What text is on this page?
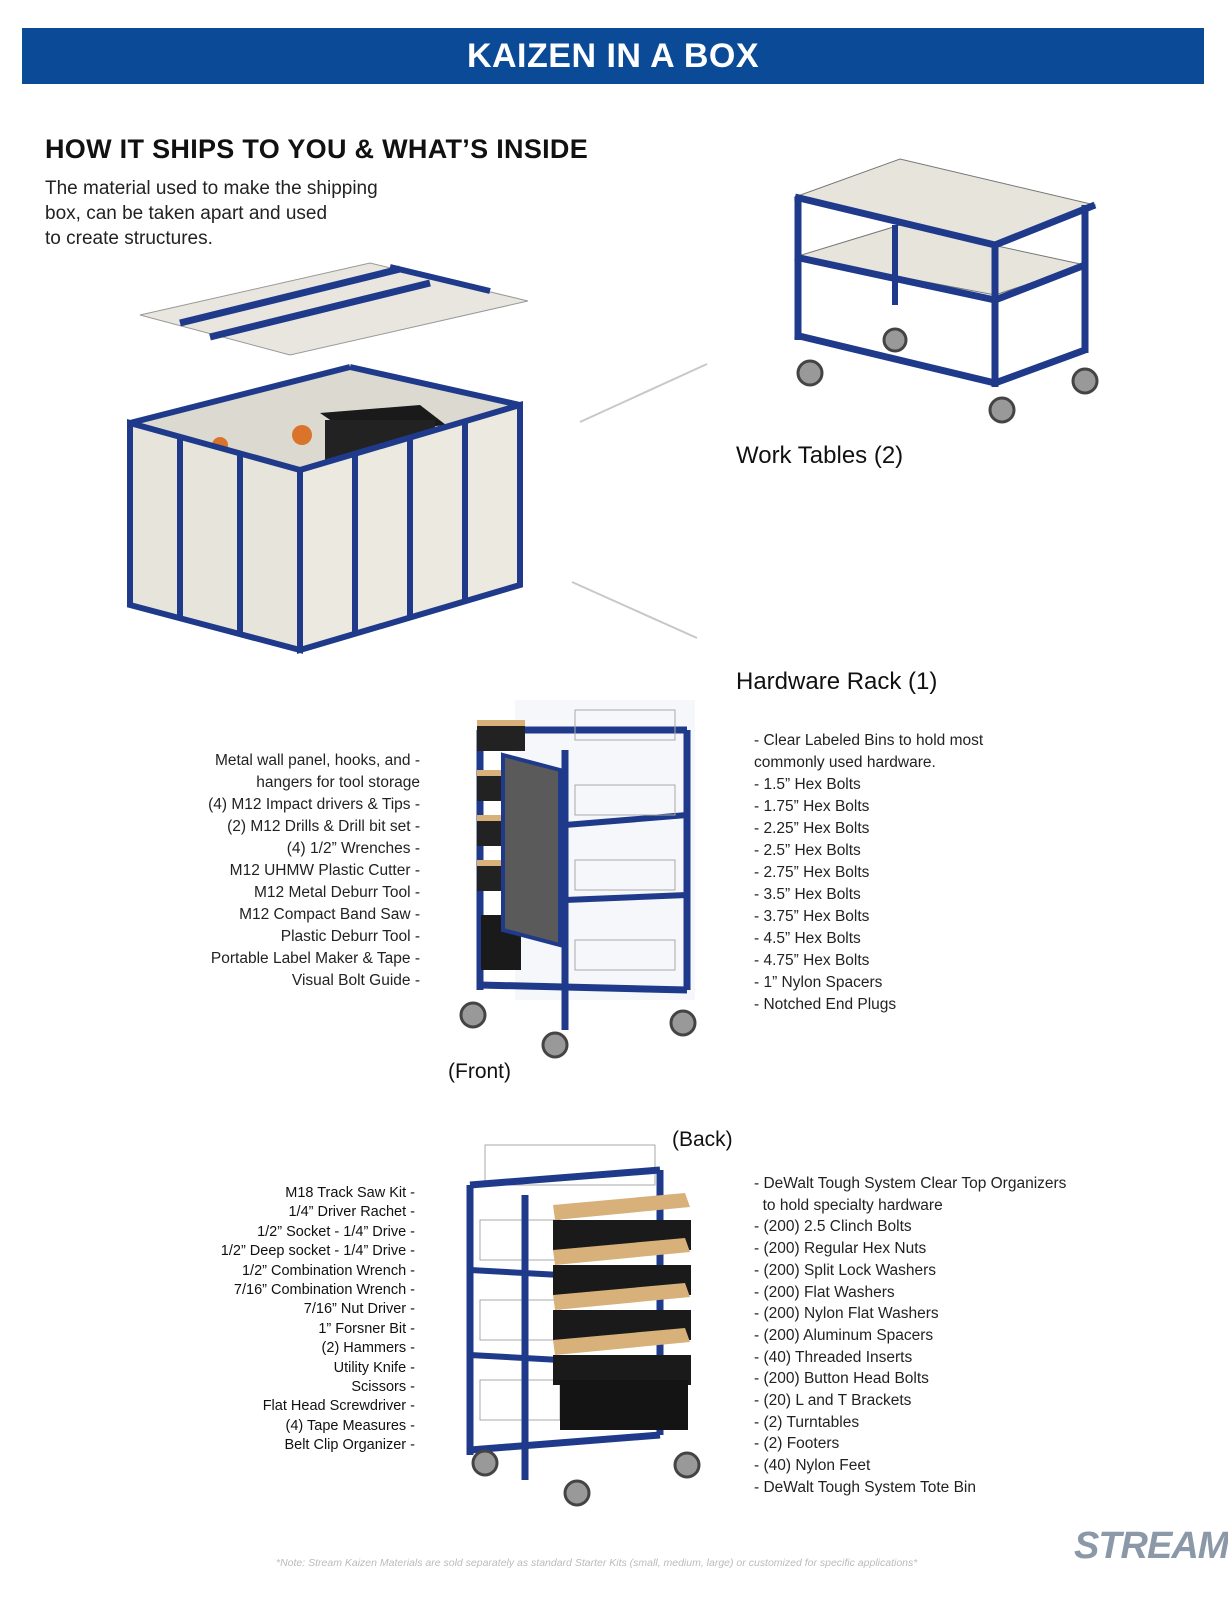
KAIZEN IN A BOX
HOW IT SHIPS TO YOU & WHAT’S INSIDE
The material used to make the shipping
box, can be taken apart and used
to create structures.
Work Tables (2)
Hardware Rack (1)
Metal wall panel, hooks, and -
hangers for tool storage
(4) M12 Impact drivers & Tips -
(2) M12 Drills & Drill bit set -
(4) 1/2” Wrenches -
M12 UHMW Plastic Cutter -
M12 Metal Deburr Tool -
M12 Compact Band Saw -
Plastic Deburr Tool -
Portable Label Maker & Tape -
Visual Bolt Guide -
- Clear Labeled Bins to hold most
commonly used hardware.
- 1.5” Hex Bolts
- 1.75” Hex Bolts
- 2.25” Hex Bolts
- 2.5” Hex Bolts
- 2.75” Hex Bolts
- 3.5” Hex Bolts
- 3.75” Hex Bolts
- 4.5” Hex Bolts
- 4.75” Hex Bolts
- 1” Nylon Spacers
- Notched End Plugs
(Front)
(Back)
M18 Track Saw Kit -
1/4” Driver Rachet -
1/2” Socket - 1/4” Drive -
1/2” Deep socket - 1/4” Drive -
1/2” Combination Wrench -
7/16” Combination Wrench -
7/16” Nut Driver -
1” Forsner Bit -
(2) Hammers -
Utility Knife -
Scissors -
Flat Head Screwdriver -
(4) Tape Measures -
Belt Clip Organizer -
- DeWalt Tough System Clear Top Organizers
to hold specialty hardware
- (200) 2.5 Clinch Bolts
- (200) Regular Hex Nuts
- (200) Split Lock Washers
- (200) Flat Washers
- (200) Nylon Flat Washers
- (200) Aluminum Spacers
- (40) Threaded Inserts
- (200) Button Head Bolts
- (20) L and T Brackets
- (2) Turntables
- (2) Footers
- (40) Nylon Feet
- DeWalt Tough System Tote Bin
*Note: Stream Kaizen Materials are sold separately as standard Starter Kits (small, medium, large) or customized for specific applications*	STREAM
